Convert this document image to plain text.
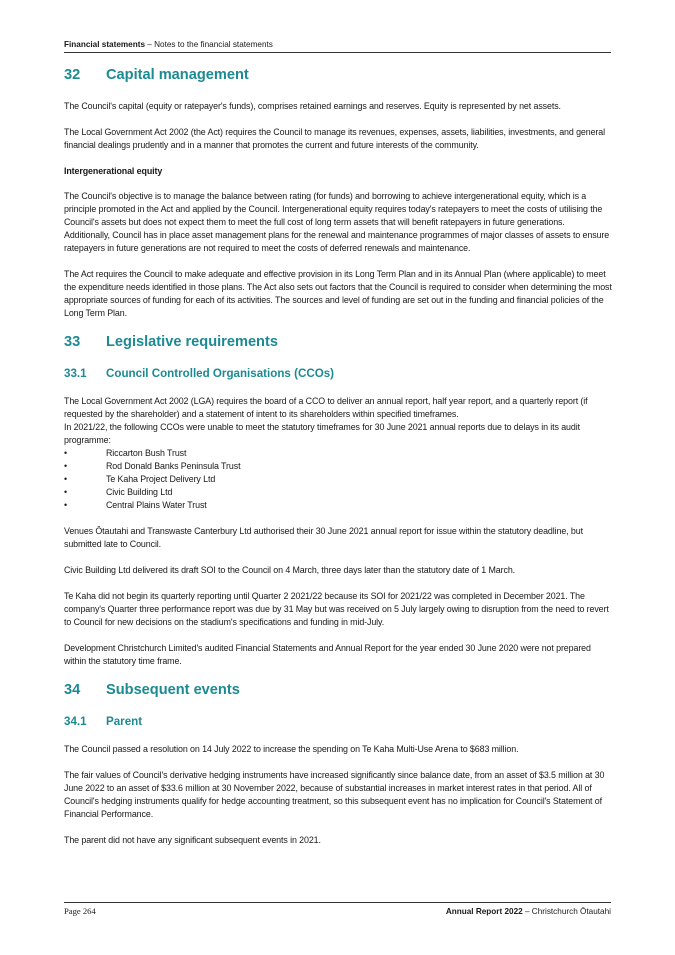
Financial statements – Notes to the financial statements
32	Capital management

The Council's capital (equity or ratepayer's funds), comprises retained earnings and reserves. Equity is represented by net assets.

The Local Government Act 2002 (the Act) requires the Council to manage its revenues, expenses, assets, liabilities, investments, and general financial dealings prudently and in a manner that promotes the current and future interests of the community.

Intergenerational equity

The Council's objective is to manage the balance between rating (for funds) and borrowing to achieve intergenerational equity, which is a principle promoted in the Act and applied by the Council. Intergenerational equity requires today's ratepayers to meet the costs of utilising the Council's assets but does not expect them to meet the full cost of long term assets that will benefit ratepayers in future generations. Additionally, Council has in place asset management plans for the renewal and maintenance programmes of major classes of assets to ensure ratepayers in future generations are not required to meet the costs of deferred renewals and maintenance.

The Act requires the Council to make adequate and effective provision in its Long Term Plan and in its Annual Plan (where applicable) to meet the expenditure needs identified in those plans. The Act also sets out factors that the Council is required to consider when determining the most appropriate sources of funding for each of its activities. The sources and level of funding are set out in the funding and financial policies of the Long Term Plan.

33	Legislative requirements
33.1	Council Controlled Organisations (CCOs)

The Local Government Act 2002 (LGA) requires the board of a CCO to deliver an annual report, half year report, and a quarterly report (if requested by the shareholder) and a statement of intent to its shareholders within specified timeframes.

In 2021/22, the following CCOs were unable to meet the statutory timeframes for 30 June 2021 annual reports due to delays in its audit programme:

•	Riccarton Bush Trust
•	Rod Donald Banks Peninsula Trust
•	Te Kaha Project Delivery Ltd
•	Civic Building Ltd
•	Central Plains Water Trust

Venues Ōtautahi and Transwaste Canterbury Ltd authorised their 30 June 2021 annual report for issue within the statutory deadline, but submitted late to Council.

Civic Building Ltd delivered its draft SOI to the Council on 4 March, three days later than the statutory date of 1 March.

Te Kaha did not begin its quarterly reporting until Quarter 2 2021/22 because its SOI for 2021/22 was completed in December 2021. The company's Quarter three performance report was due by 31 May but was received on 5 July largely owing to disruption from the need to revert to Council for new decisions on the stadium's specifications and funding in mid-July.

Development Christchurch Limited's audited Financial Statements and Annual Report for the year ended 30 June 2020 were not prepared within the statutory time frame.

34	Subsequent events
34.1	Parent

The Council passed a resolution on 14 July 2022 to increase the spending on Te Kaha Multi-Use Arena to $683 million.

The fair values of Council's derivative hedging instruments have increased significantly since balance date, from an asset of $3.5 million at 30 June 2022 to an asset of $33.6 million at 30 November 2022, because of substantial increases in market interest rates in that period. All of Council's hedging instruments qualify for hedge accounting treatment, so this subsequent event has no implication for Council's Statement of Financial Performance.

The parent did not have any significant subsequent events in 2021.

Page 264	Annual Report 2022 – Christchurch Ōtautahi
